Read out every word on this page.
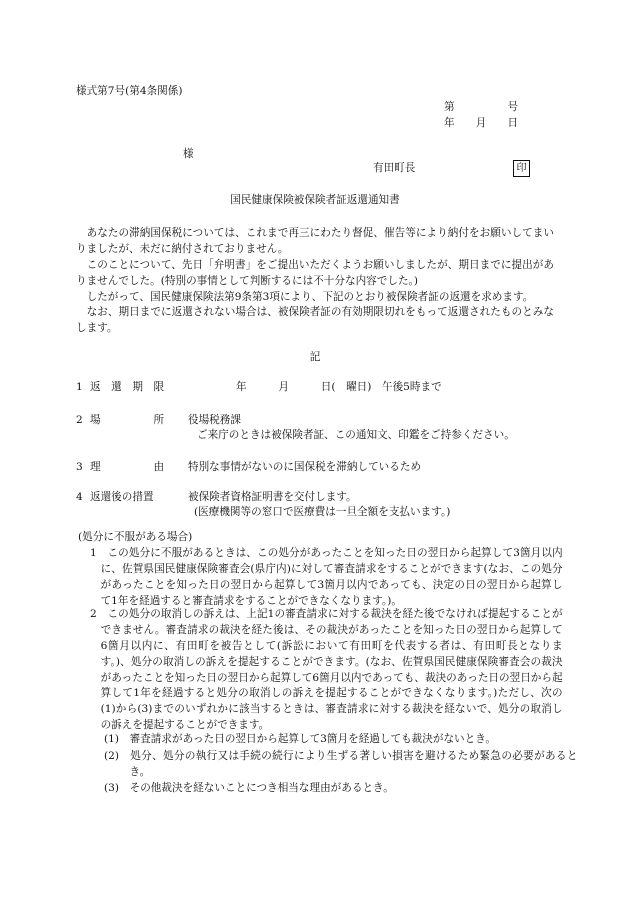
様式第7号(第4条関係)
第　　　　　号
年　　月　　日
様
有田町長	印
国民健康保険被保険者証返還通知書

あなたの滞納国保税については、これまで再三にわたり督促、催告等により納付をお願いしてまいりましたが、未だに納付されておりません。

このことについて、先日「弁明書」をご提出いただくようお願いしましたが、期日までに提出がありませんでした。(特別の事情として判断するには不十分な内容でした。)

したがって、国民健康保険法第9条第3項により、下記のとおり被保険者証の返還を求めます。

なお、期日までに返還されない場合は、被保険者証の有効期限切れをもって返還されたものとみなします。

記
1 返　還　期　限	年　　　月　　　日(　曜日)　午後5時まで
2 場　　　　　所 役場税務課
ご来庁のときは被保険者証、この通知文、印鑑をご持参ください。
3 理　　　　　由 特別な事情がないのに国保税を滞納しているため
4 返還後の措置	被保険者資格証明書を交付します。
(医療機関等の窓口で医療費は一旦全額を支払います。)
(処分に不服がある場合)

1　この処分に不服があるときは、この処分があったことを知った日の翌日から起算して3箇月以内に、佐賀県国民健康保険審査会(県庁内)に対して審査請求をすることができます(なお、この処分があったことを知った日の翌日から起算して3箇月以内であっても、決定の日の翌日から起算して1年を経過すると審査請求をすることができなくなります。)。

2　この処分の取消しの訴えは、上記1の審査請求に対する裁決を経た後でなければ提起することができません。審査請求の裁決を経た後は、その裁決があったことを知った日の翌日から起算して6箇月以内に、有田町を被告として(訴訟において有田町を代表する者は、有田町長となります。)、処分の取消しの訴えを提起することができます。(なお、佐賀県国民健康保険審査会の裁決があったことを知った日の翌日から起算して6箇月以内であっても、裁決のあった日の翌日から起算して1年を経過すると処分の取消しの訴えを提起することができなくなります。)ただし、次の(1)から(3)までのいずれかに該当するときは、審査請求に対する裁決を経ないで、処分の取消しの訴えを提起することができます。

(1)　審査請求があった日の翌日から起算して3箇月を経過しても裁決がないとき。

(2)　処分、処分の執行又は手続の続行により生ずる著しい損害を避けるため緊急の必要があるとき。

(3)　その他裁決を経ないことにつき相当な理由があるとき。
